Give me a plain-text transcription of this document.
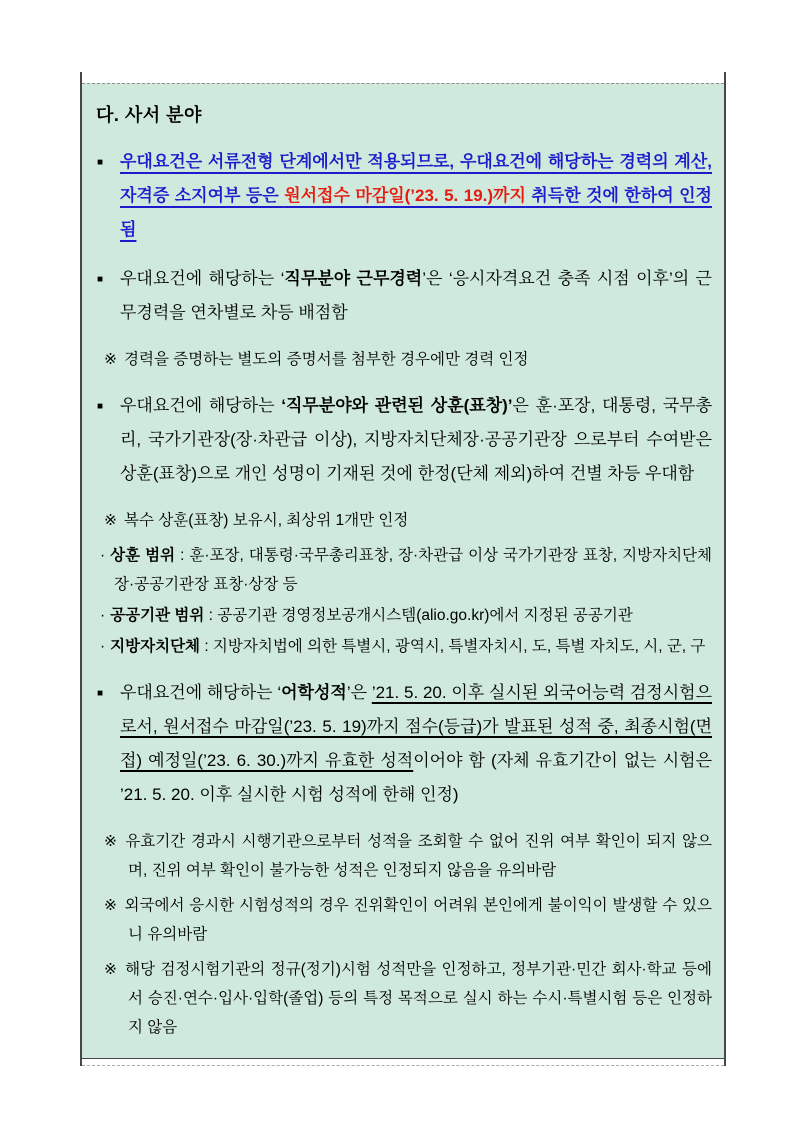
다. 사서 분야

■ 우대요건은 서류전형 단계에서만 적용되므로, 우대요건에 해당하는 경력의 계산, 자격증 소지여부 등은 원서접수 마감일(’23. 5. 19.)까지 취득한 것에 한하여 인정됨

■ 우대요건에 해당하는 ‘직무분야 근무경력’은 ‘응시자격요건 충족 시점 이후’의 근무경력을 연차별로 차등 배점함

※ 경력을 증명하는 별도의 증명서를 첨부한 경우에만 경력 인정

■ 우대요건에 해당하는 ‘직무분야와 관련된 상훈(표창)’은 훈·포장, 대통령, 국무총리, 국가기관장(장·차관급 이상), 지방자치단체장·공공기관장 으로부터 수여받은 상훈(표창)으로 개인 성명이 기재된 것에 한정(단체 제외)하여 건별 차등 우대함

※ 복수 상훈(표창) 보유시, 최상위 1개만 인정

· 상훈 범위 : 훈·포장, 대통령·국무총리표창, 장·차관급 이상 국가기관장 표창, 지방자치단체장·공공기관장 표창·상장 등

· 공공기관 범위 : 공공기관 경영정보공개시스템(alio.go.kr)에서 지정된 공공기관

· 지방자치단체 : 지방자치법에 의한 특별시, 광역시, 특별자치시, 도, 특별 자치도, 시, 군, 구

■ 우대요건에 해당하는 ‘어학성적’은 ’21. 5. 20. 이후 실시된 외국어능력 검정시험으로서, 원서접수 마감일(’23. 5. 19)까지 점수(등급)가 발표된 성적 중, 최종시험(면접) 예정일(’23. 6. 30.)까지 유효한 성적이어야 함 (자체 유효기간이 없는 시험은 ’21. 5. 20. 이후 실시한 시험 성적에 한해 인정)

※ 유효기간 경과시 시행기관으로부터 성적을 조회할 수 없어 진위 여부 확인이 되지 않으며, 진위 여부 확인이 불가능한 성적은 인정되지 않음을 유의바람

※ 외국에서 응시한 시험성적의 경우 진위확인이 어려워 본인에게 불이익이 발생할 수 있으니 유의바람

※ 해당 검정시험기관의 정규(정기)시험 성적만을 인정하고, 정부기관·민간 회사·학교 등에서 승진·연수·입사·입학(졸업) 등의 특정 목적으로 실시 하는 수시·특별시험 등은 인정하지 않음
